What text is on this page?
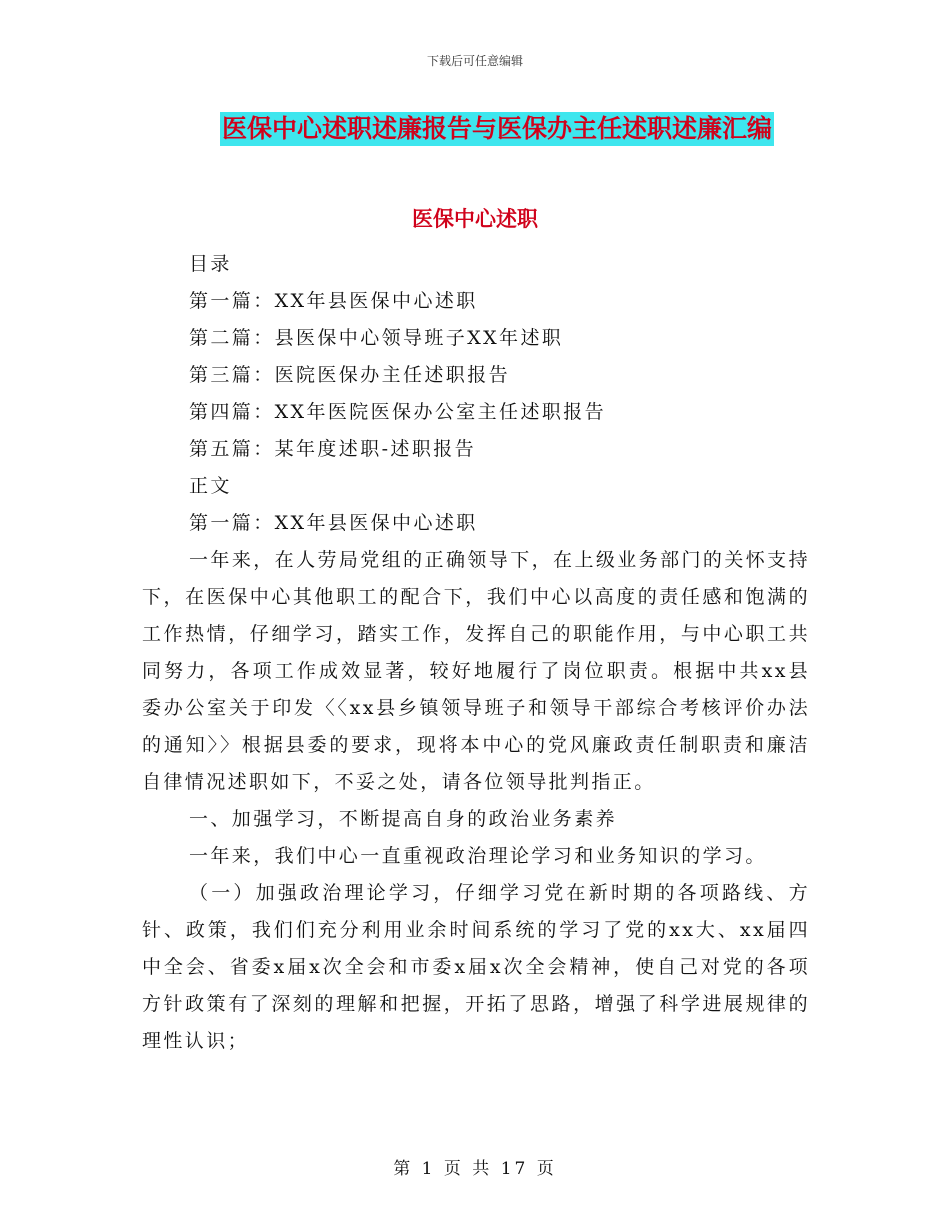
下载后可任意编辑
医保中心述职述廉报告与医保办主任述职述廉汇编
医保中心述职

目录

第一篇：XX年县医保中心述职

第二篇：县医保中心领导班子XX年述职

第三篇：医院医保办主任述职报告

第四篇：XX年医院医保办公室主任述职报告

第五篇：某年度述职-述职报告

正文

第一篇：XX年县医保中心述职

一年来，在人劳局党组的正确领导下，在上级业务部门的关怀支持下，在医保中心其他职工的配合下，我们中心以高度的责任感和饱满的工作热情，仔细学习，踏实工作，发挥自己的职能作用，与中心职工共同努力，各项工作成效显著，较好地履行了岗位职责。根据中共xx县委办公室关于印发〈〈xx县乡镇领导班子和领导干部综合考核评价办法的通知〉〉根据县委的要求，现将本中心的党风廉政责任制职责和廉洁自律情况述职如下，不妥之处，请各位领导批判指正。

一、加强学习，不断提高自身的政治业务素养

一年来，我们中心一直重视政治理论学习和业务知识的学习。

（一）加强政治理论学习，仔细学习党在新时期的各项路线、方针、政策，我们们充分利用业余时间系统的学习了党的xx大、xx届四中全会、省委x届x次全会和市委x届x次全会精神，使自己对党的各项方针政策有了深刻的理解和把握，开拓了思路，增强了科学进展规律的理性认识；

第 1 页 共 17 页
